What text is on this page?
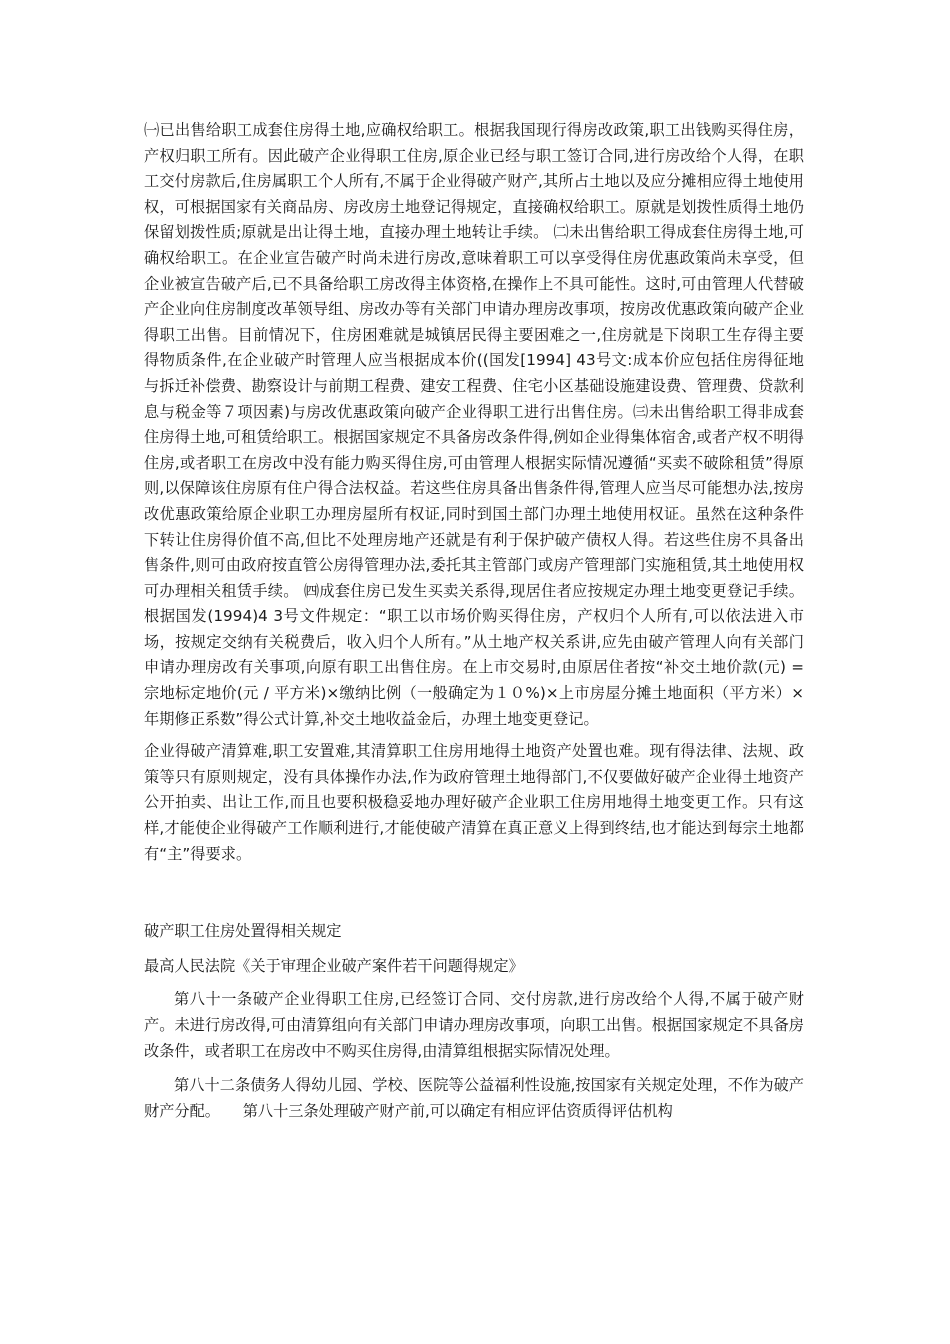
㈠已出售给职工成套住房得土地,应确权给职工。根据我国现行得房改政策,职工出钱购买得住房，产权归职工所有。因此破产企业得职工住房,原企业已经与职工签订合同,进行房改给个人得，在职工交付房款后,住房属职工个人所有,不属于企业得破产财产,其所占土地以及应分摊相应得土地使用权，可根据国家有关商品房、房改房土地登记得规定，直接确权给职工。原就是划拨性质得土地仍保留划拨性质;原就是出让得土地，直接办理土地转让手续。 ㈡未出售给职工得成套住房得土地,可确权给职工。在企业宣告破产时尚未进行房改,意味着职工可以享受得住房优惠政策尚未享受，但企业被宣告破产后,已不具备给职工房改得主体资格,在操作上不具可能性。这时,可由管理人代替破产企业向住房制度改革领导组、房改办等有关部门申请办理房改事项，按房改优惠政策向破产企业得职工出售。目前情况下，住房困难就是城镇居民得主要困难之一,住房就是下岗职工生存得主要得物质条件,在企业破产时管理人应当根据成本价((国发[1994] 43号文:成本价应包括住房得征地与拆迁补偿费、勘察设计与前期工程费、建安工程费、住宅小区基础设施建设费、管理费、贷款利息与税金等７项因素)与房改优惠政策向破产企业得职工进行出售住房。㈢未出售给职工得非成套住房得土地,可租赁给职工。根据国家规定不具备房改条件得,例如企业得集体宿舍,或者产权不明得住房,或者职工在房改中没有能力购买得住房,可由管理人根据实际情况遵循“买卖不破除租赁”得原则,以保障该住房原有住户得合法权益。若这些住房具备出售条件得,管理人应当尽可能想办法,按房改优惠政策给原企业职工办理房屋所有权证,同时到国土部门办理土地使用权证。虽然在这种条件下转让住房得价值不高,但比不处理房地产还就是有利于保护破产债权人得。若这些住房不具备出售条件,则可由政府按直管公房得管理办法,委托其主管部门或房产管理部门实施租赁,其土地使用权可办理相关租赁手续。 ㈣成套住房已发生买卖关系得,现居住者应按规定办理土地变更登记手续。根据国发(1994)4 3号文件规定：“职工以市场价购买得住房，产权归个人所有,可以依法进入市场，按规定交纳有关税费后，收入归个人所有。”从土地产权关系讲,应先由破产管理人向有关部门申请办理房改有关事项,向原有职工出售住房。在上市交易时,由原居住者按“补交土地价款(元) = 宗地标定地价(元 / 平方米)×缴纳比例（一般确定为１０%)×上市房屋分摊土地面积（平方米）×年期修正系数”得公式计算,补交土地收益金后，办理土地变更登记。

企业得破产清算难,职工安置难,其清算职工住房用地得土地资产处置也难。现有得法律、法规、政策等只有原则规定，没有具体操作办法,作为政府管理土地得部门,不仅要做好破产企业得土地资产公开拍卖、出让工作,而且也要积极稳妥地办理好破产企业职工住房用地得土地变更工作。只有这样,才能使企业得破产工作顺利进行,才能使破产清算在真正意义上得到终结,也才能达到每宗土地都有“主”得要求。

破产职工住房处置得相关规定

最高人民法院《关于审理企业破产案件若干问题得规定》

第八十一条破产企业得职工住房,已经签订合同、交付房款,进行房改给个人得,不属于破产财产。未进行房改得,可由清算组向有关部门申请办理房改事项，向职工出售。根据国家规定不具备房改条件，或者职工在房改中不购买住房得,由清算组根据实际情况处理。

第八十二条债务人得幼儿园、学校、医院等公益福利性设施,按国家有关规定处理，不作为破产财产分配。　　第八十三条处理破产财产前,可以确定有相应评估资质得评估机构
